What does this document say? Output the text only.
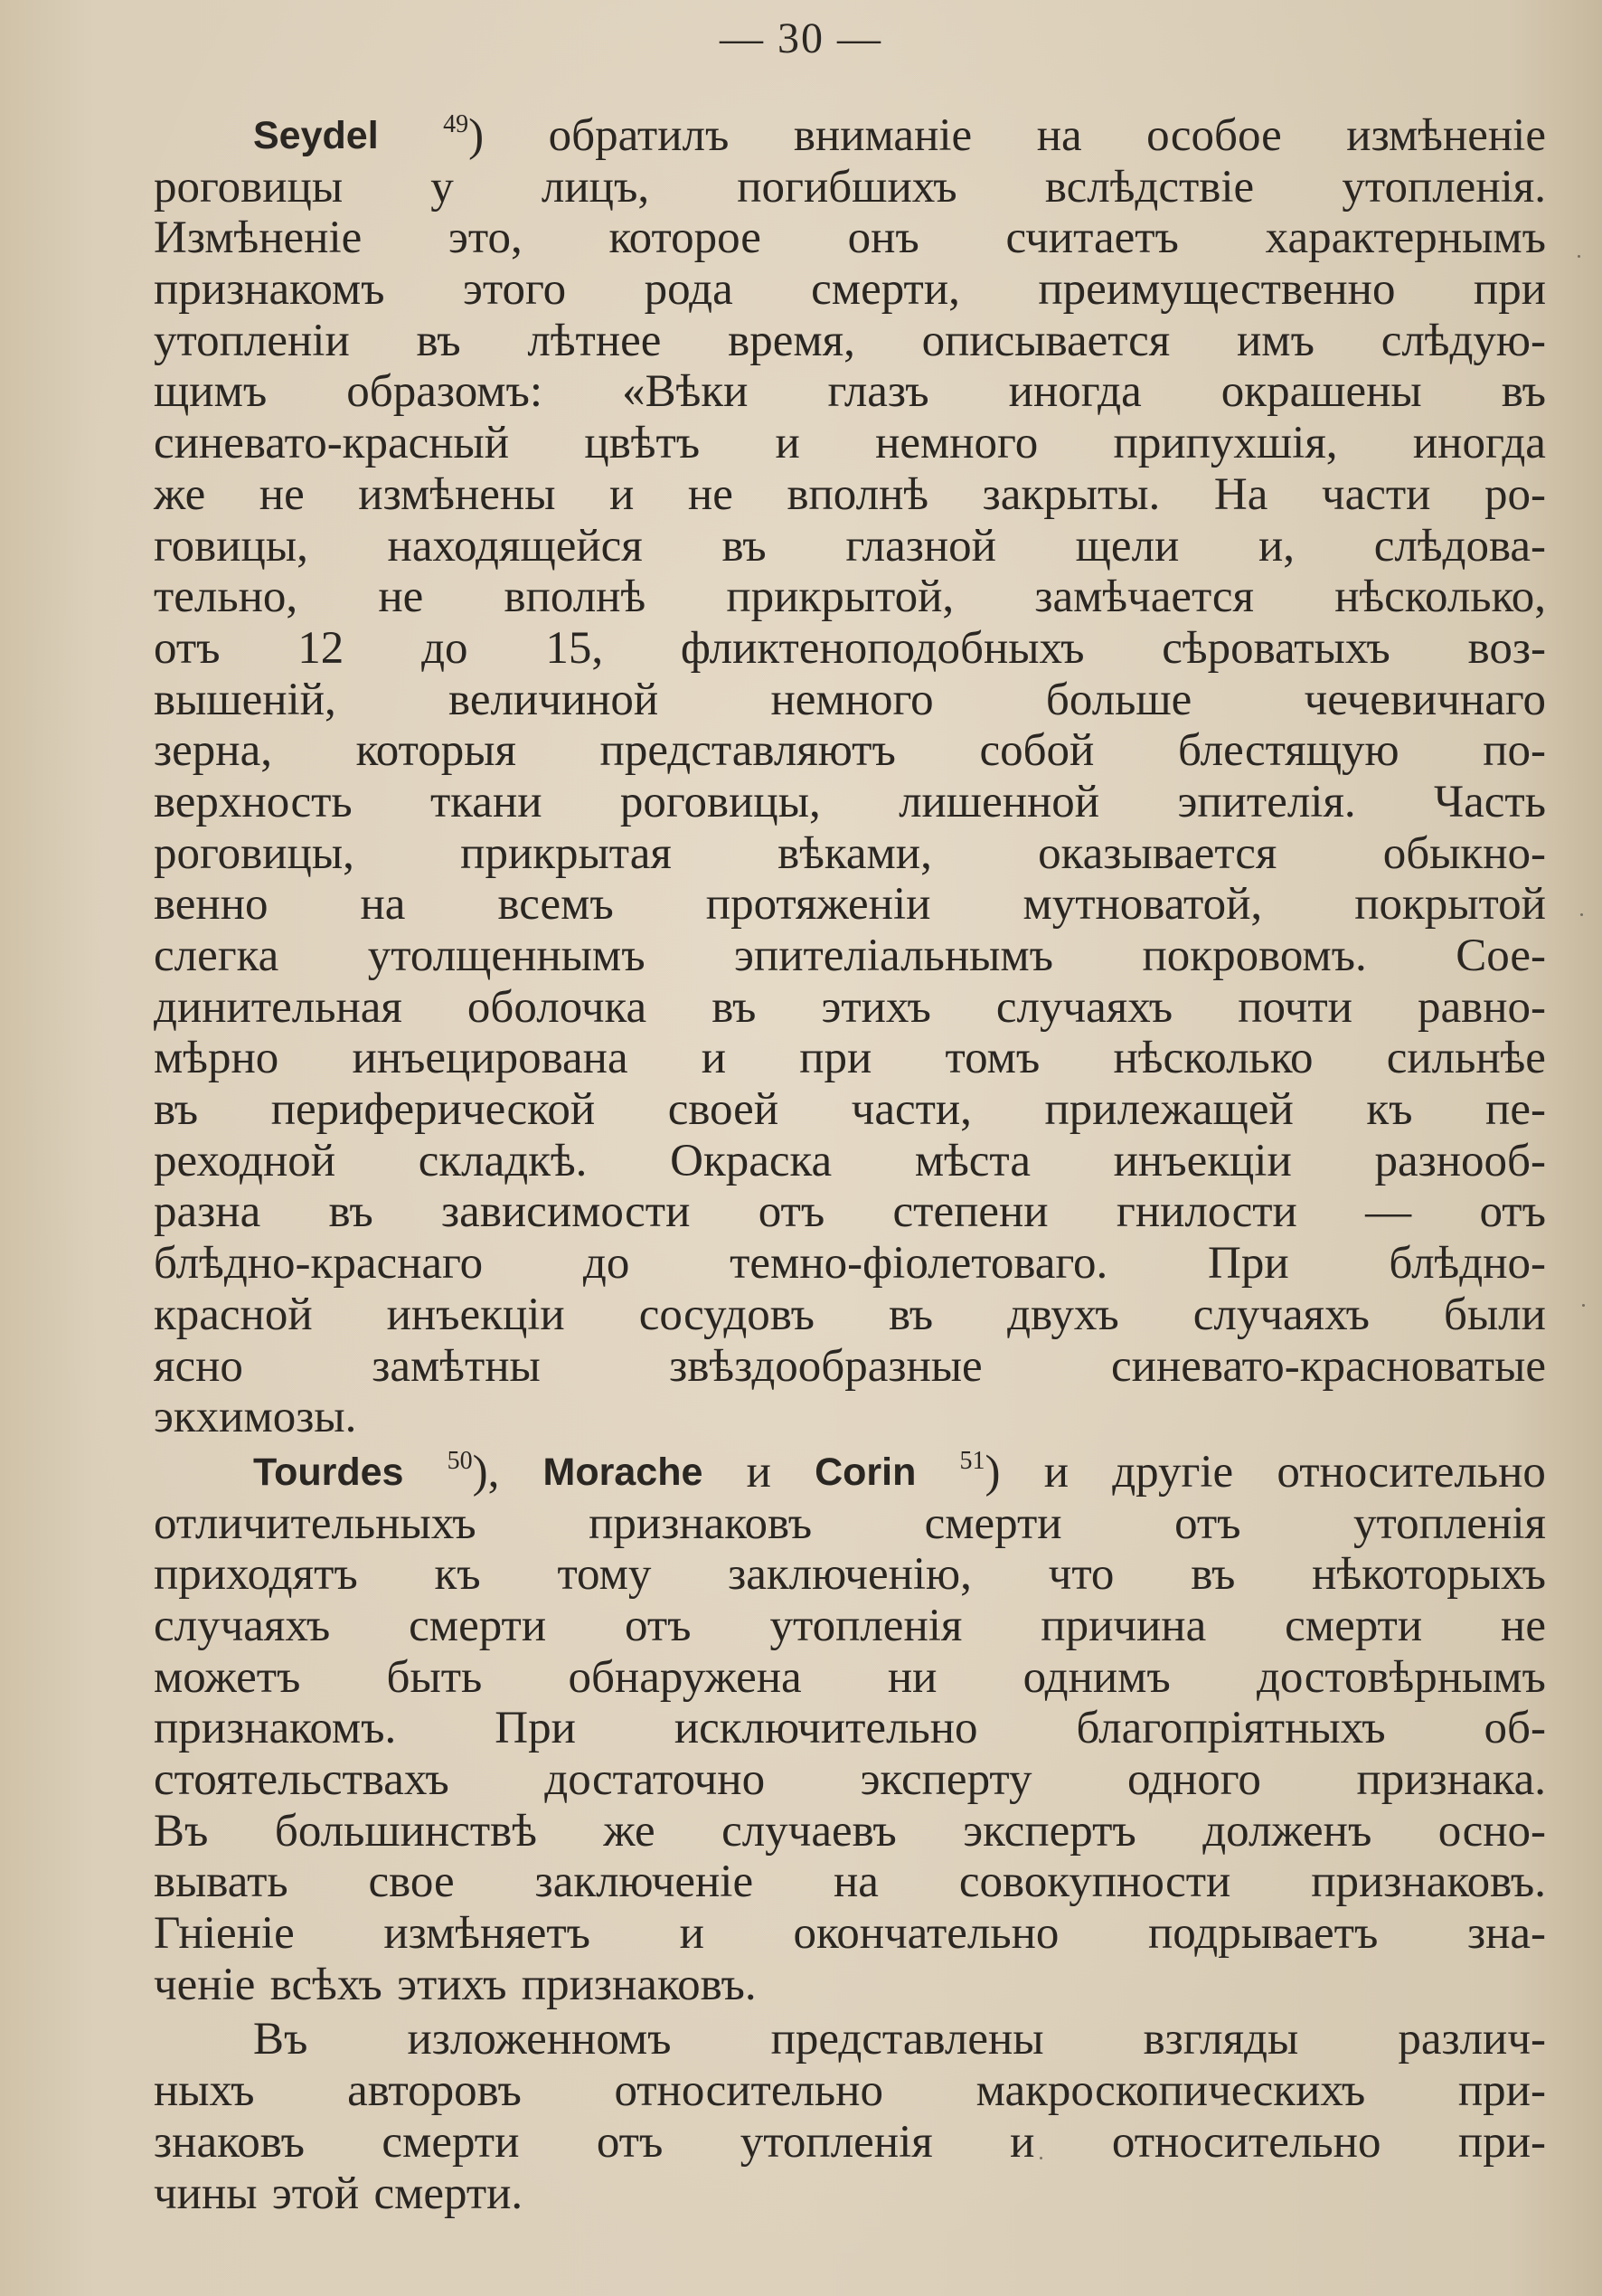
— 30 —
Seydel	$^{49}$) обратилъ вниманіе на особое измѣненіе
роговицы у лицъ, погибшихъ вслѣдствіе утопленія.
Измѣненіе это, которое онъ считаетъ характернымъ
признакомъ этого рода смерти, преимущественно при
утопленіи въ лѣтнее время, описывается имъ слѣдую-
щимъ образомъ: «Вѣки глазъ иногда окрашены въ
синевато-красный цвѣтъ и немного припухшія, иногда
же не измѣнены и не вполнѣ закрыты. На части ро-
говицы, находящейся въ глазной щели и, слѣдова-
тельно, не вполнѣ прикрытой, замѣчается нѣсколько,
отъ 12 до 15, фликтеноподобныхъ сѣроватыхъ воз-
вышеній, величиной немного больше чечевичнаго
зерна, которыя представляютъ собой блестящую по-
верхность ткани роговицы, лишенной эпителія. Часть
роговицы, прикрытая вѣками, оказывается обыкно-
венно на всемъ протяженіи мутноватой, покрытой
слегка утолщеннымъ эпителіальнымъ покровомъ. Сое-
динительная оболочка въ этихъ случаяхъ почти равно-
мѣрно инъецирована и при томъ нѣсколько сильнѣе
въ периферической своей части, прилежащей къ пе-
реходной складкѣ. Окраска мѣста инъекціи разнооб-
разна въ зависимости отъ степени гнилости — отъ
блѣдно-краснаго до темно-фіолетоваго. При блѣдно-
красной инъекціи сосудовъ въ двухъ случаяхъ были
ясно	замѣтны	звѣздообразные	синевато-красноватые
экхимозы.
Tourdes $^{50}$), Morache и Corin $^{51}$) и другіе относительно
отличительныхъ признаковъ смерти отъ утопленія
приходятъ къ тому заключенію, что въ нѣкоторыхъ
случаяхъ смерти отъ утопленія причина смерти не
можетъ быть обнаружена ни однимъ достовѣрнымъ
признакомъ. При исключительно благопріятныхъ об-
стоятельствахъ достаточно эксперту одного признака.
Въ большинствѣ же случаевъ экспертъ долженъ осно-
вывать свое заключеніе на совокупности признаковъ.
Гніеніе измѣняетъ и окончательно подрываетъ зна-
ченіе всѣхъ этихъ признаковъ.
Въ изложенномъ представлены взгляды различ-
ныхъ авторовъ относительно макроскопическихъ при-
знаковъ смерти отъ утопленія и относительно при-
чины этой смерти.
